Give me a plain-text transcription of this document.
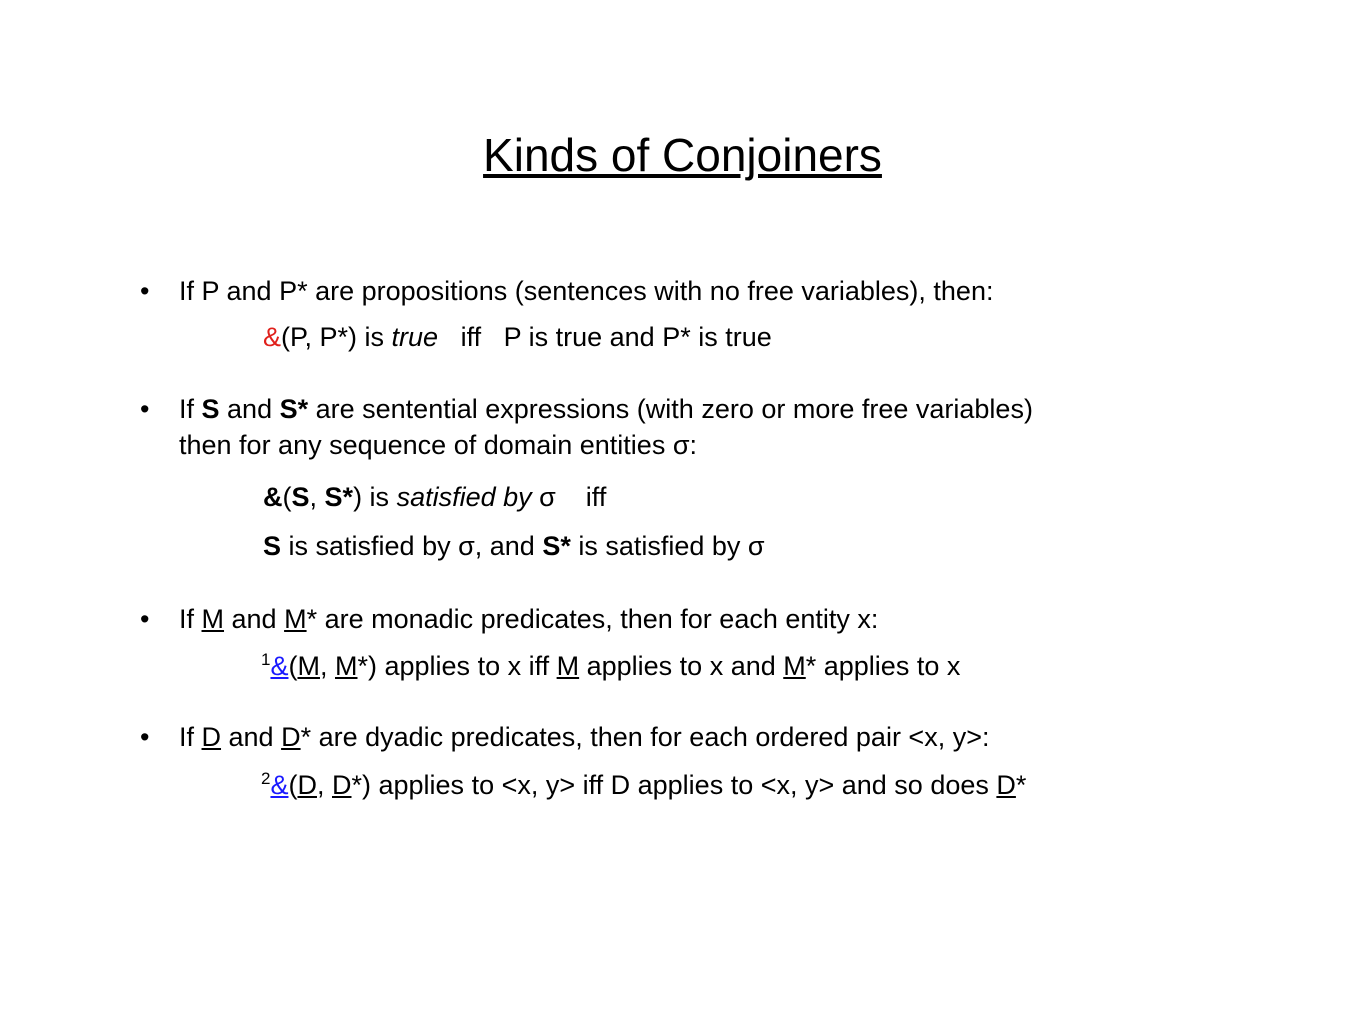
Kinds of Conjoiners
• If P and P* are propositions (sentences with no free variables), then:
&(P, P*) is true   iff   P is true and P* is true
• If S and S* are sentential expressions (with zero or more free variables)
then for any sequence of domain entities σ:
&(S, S*) is satisfied by σ    iff
S is satisfied by σ, and S* is satisfied by σ
• If M and M* are monadic predicates, then for each entity x:
$^1$&(M, M*) applies to x iff M applies to x and M* applies to x
• If D and D* are dyadic predicates, then for each ordered pair <x, y>:
$^2$&(D, D*) applies to <x, y> iff D applies to <x, y> and so does D*
